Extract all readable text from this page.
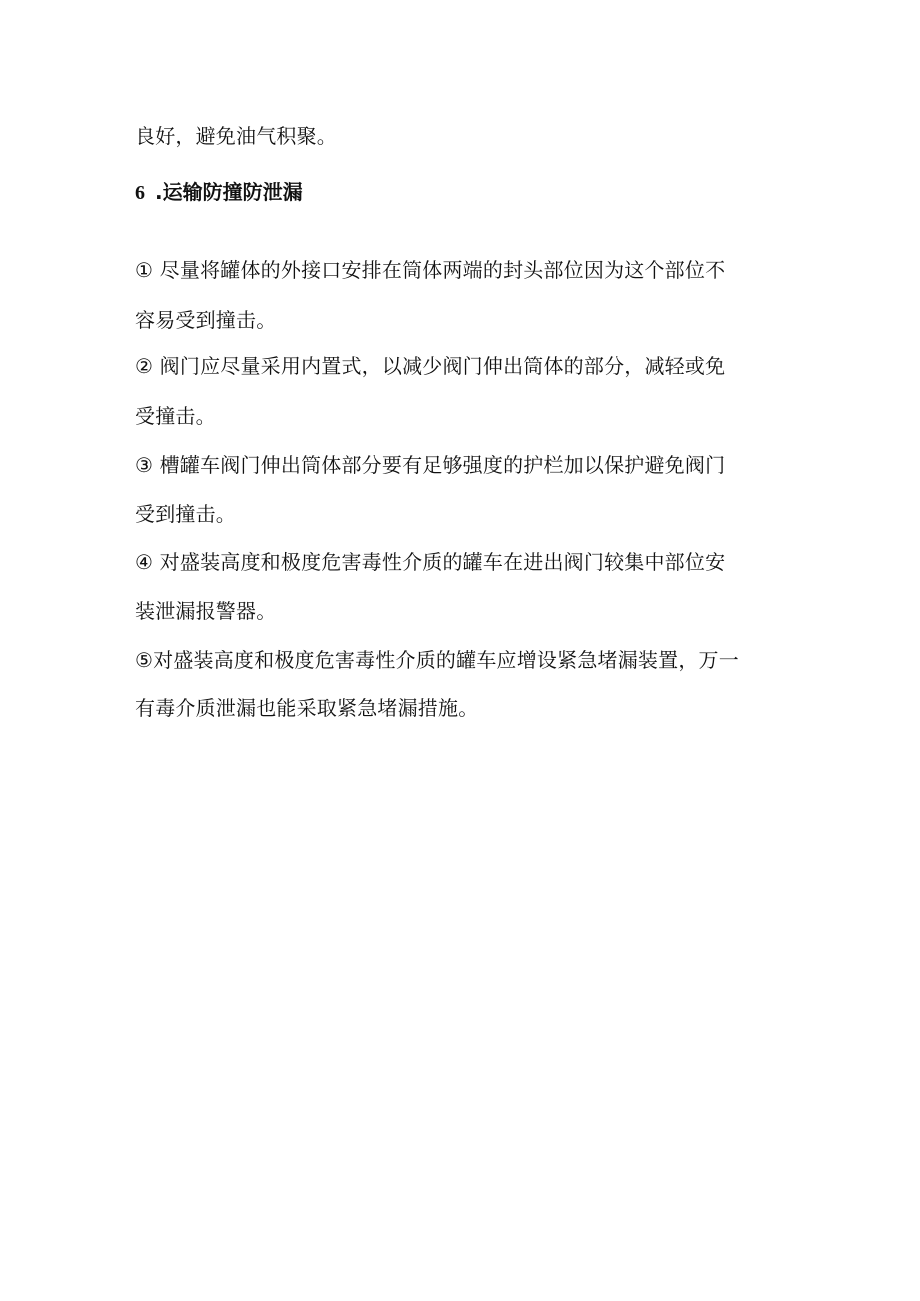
良好，避免油气积聚。
6 .运输防撞防泄漏
① 尽量将罐体的外接口安排在筒体两端的封头部位因为这个部位不
容易受到撞击。
② 阀门应尽量采用内置式，以减少阀门伸出筒体的部分，减轻或免
受撞击。
③ 槽罐车阀门伸出筒体部分要有足够强度的护栏加以保护避免阀门
受到撞击。
④ 对盛装高度和极度危害毒性介质的罐车在进出阀门较集中部位安
装泄漏报警器。
⑤对盛装高度和极度危害毒性介质的罐车应增设紧急堵漏装置，万一
有毒介质泄漏也能采取紧急堵漏措施。
